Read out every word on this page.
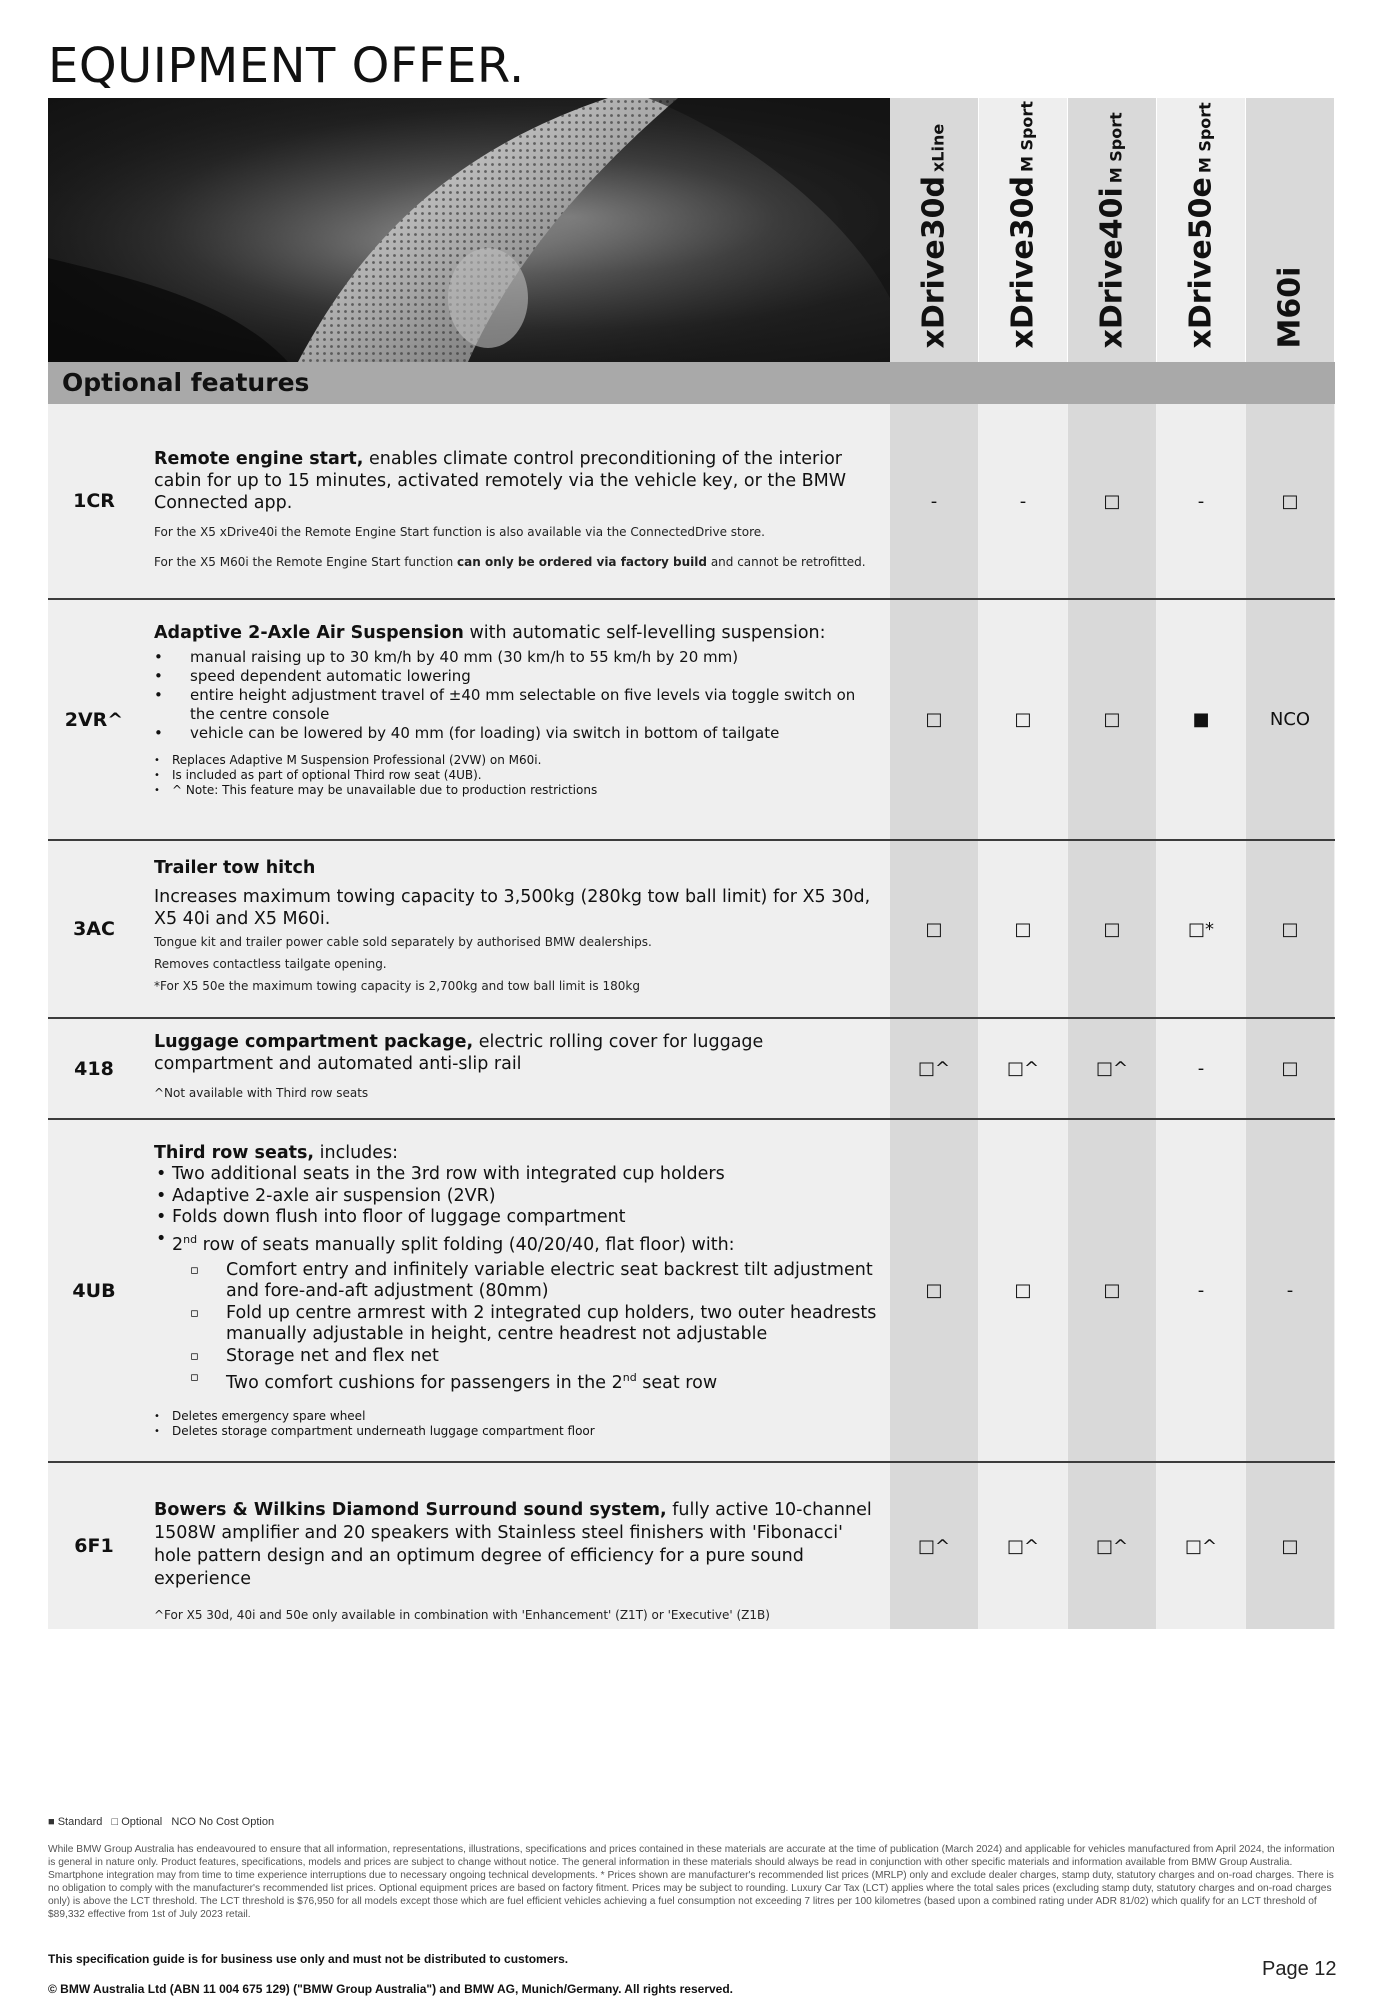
EQUIPMENT OFFER.
xDrive30dxLine
xDrive30dM Sport
xDrive40iM Sport
xDrive50eM Sport
M60i
Optional features
1CR
Remote engine start, enables climate control preconditioning of the interior cabin for up to 15 minutes, activated remotely via the vehicle key, or the BMW Connected app.
For the X5 xDrive40i the Remote Engine Start function is also available via the ConnectedDrive store.
For the X5 M60i the Remote Engine Start function can only be ordered via factory build and cannot be retrofitted.
-	-	□	-	□
2VR^
Adaptive 2-Axle Air Suspension with automatic self-levelling suspension:
• manual raising up to 30 km/h by 40 mm (30 km/h to 55 km/h by 20 mm)
• speed dependent automatic lowering
• entire height adjustment travel of ±40 mm selectable on five levels via toggle switch on the centre console
• vehicle can be lowered by 40 mm (for loading) via switch in bottom of tailgate
• Replaces Adaptive M Suspension Professional (2VW) on M60i.
• Is included as part of optional Third row seat (4UB).
• ^ Note: This feature may be unavailable due to production restrictions
□	□	□	■	NCO
3AC
Trailer tow hitch
Increases maximum towing capacity to 3,500kg (280kg tow ball limit) for X5 30d, X5 40i and X5 M60i.
Tongue kit and trailer power cable sold separately by authorised BMW dealerships.
Removes contactless tailgate opening.
*For X5 50e the maximum towing capacity is 2,700kg and tow ball limit is 180kg
□	□	□	□*	□
418
Luggage compartment package, electric rolling cover for luggage compartment and automated anti-slip rail
^Not available with Third row seats
□^	□^	□^	-	□
4UB
Third row seats, includes:
• Two additional seats in the 3rd row with integrated cup holders
• Adaptive 2-axle air suspension (2VR)
• Folds down flush into floor of luggage compartment
• 2nd row of seats manually split folding (40/20/40, flat floor) with:
▫ Comfort entry and infinitely variable electric seat backrest tilt adjustment and fore-and-aft adjustment (80mm)
▫ Fold up centre armrest with 2 integrated cup holders, two outer headrests manually adjustable in height, centre headrest not adjustable
▫ Storage net and flex net
▫ Two comfort cushions for passengers in the 2nd seat row
• Deletes emergency spare wheel
• Deletes storage compartment underneath luggage compartment floor
□	□	□	-	-
6F1
Bowers & Wilkins Diamond Surround sound system, fully active 10-channel 1508W amplifier and 20 speakers with Stainless steel finishers with 'Fibonacci' hole pattern design and an optimum degree of efficiency for a pure sound experience
^For X5 30d, 40i and 50e only available in combination with 'Enhancement' (Z1T) or 'Executive' (Z1B)
□^	□^	□^	□^	□
■ Standard □ Optional NCO No Cost Option
While BMW Group Australia has endeavoured to ensure that all information, representations, illustrations, specifications and prices contained in these materials are accurate at the time of publication (March 2024) and applicable for vehicles manufactured from April 2024, the information is general in nature only. Product features, specifications, models and prices are subject to change without notice. The general information in these materials should always be read in conjunction with other specific materials and information available from BMW Group Australia. Smartphone integration may from time to time experience interruptions due to necessary ongoing technical developments. * Prices shown are manufacturer's recommended list prices (MRLP) only and exclude dealer charges, stamp duty, statutory charges and on-road charges. There is no obligation to comply with the manufacturer's recommended list prices. Optional equipment prices are based on factory fitment. Prices may be subject to rounding. Luxury Car Tax (LCT) applies where the total sales prices (excluding stamp duty, statutory charges and on-road charges only) is above the LCT threshold. The LCT threshold is $76,950 for all models except those which are fuel efficient vehicles achieving a fuel consumption not exceeding 7 litres per 100 kilometres (based upon a combined rating under ADR 81/02) which qualify for an LCT threshold of $89,332 effective from 1st of July 2023 retail.
This specification guide is for business use only and must not be distributed to customers.
© BMW Australia Ltd (ABN 11 004 675 129) ("BMW Group Australia") and BMW AG, Munich/Germany. All rights reserved.
Page 12
